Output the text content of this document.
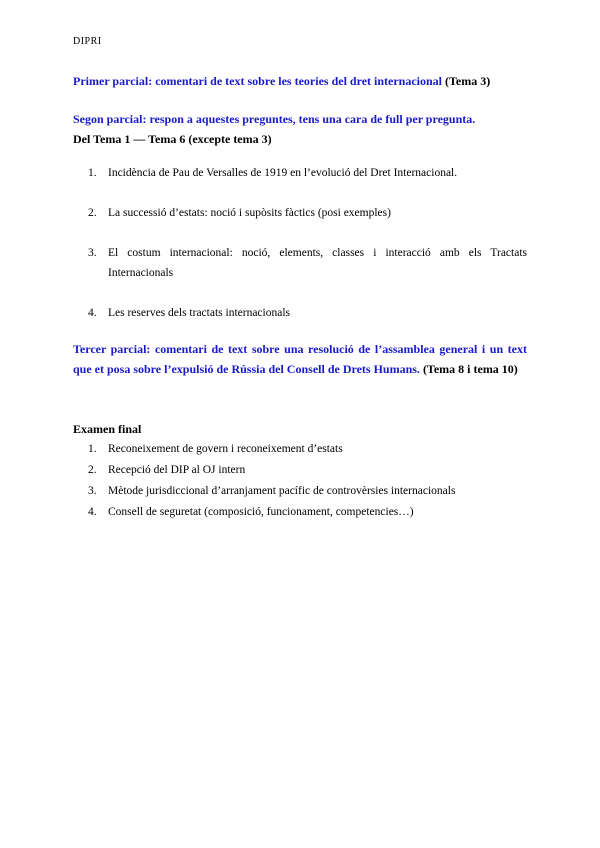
DIPRI

Primer parcial: comentari de text sobre les teories del dret internacional (Tema 3)

Segon parcial: respon a aquestes preguntes, tens una cara de full per pregunta.

Del Tema 1 — Tema 6 (excepte tema 3)

1. Incidència de Pau de Versalles de 1919 en l’evolució del Dret Internacional.
2. La successió d’estats: noció i supòsits fàctics (posi exemples)
3. El costum internacional: noció, elements, classes i interacció amb els Tractats Internacionals
4. Les reserves dels tractats internacionals

Tercer parcial: comentari de text sobre una resolució de l’assamblea general i un text que et posa sobre l’expulsió de Rússia del Consell de Drets Humans. (Tema 8 i tema 10)

Examen final

1. Reconeixement de govern i reconeixement d’estats
2. Recepció del DIP al OJ intern
3. Mètode jurisdiccional d’arranjament pacífic de controvèrsies internacionals
4. Consell de seguretat (composició, funcionament, competencies…)
